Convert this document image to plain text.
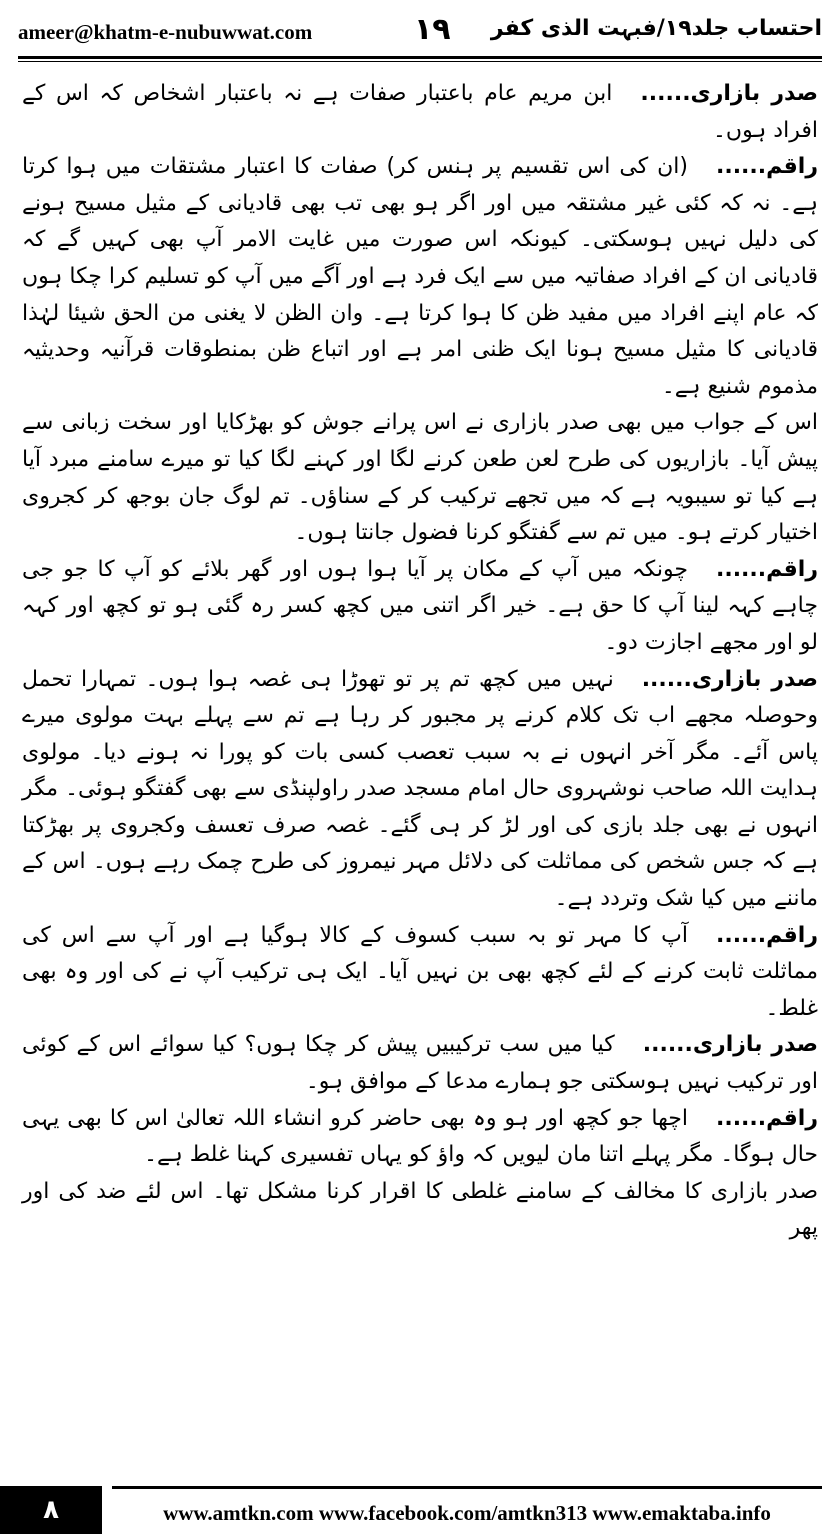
ameer@khatm-e-nubuwwat.com	١٩ احتساب جلد۱۹/فبہت الذی کفر

صدر بازاری......ابن مریم عام باعتبار صفات ہے نہ باعتبار اشخاص کہ اس کے افراد ہوں۔

راقم......(ان کی اس تقسیم پر ہنس کر) صفات کا اعتبار مشتقات میں ہوا کرتا ہے۔ نہ کہ کئی غیر مشتقہ میں اور اگر ہو بھی تب بھی قادیانی کے مثیل مسیح ہونے کی دلیل نہیں ہوسکتی۔ کیونکہ اس صورت میں غایت الامر آپ بھی کہیں گے کہ قادیانی ان کے افراد صفاتیہ میں سے ایک فرد ہے اور آگے میں آپ کو تسلیم کرا چکا ہوں کہ عام اپنے افراد میں مفید ظن کا ہوا کرتا ہے۔ وان الظن لا یغنی من الحق شیئا لہٰذا قادیانی کا مثیل مسیح ہونا ایک ظنی امر ہے اور اتباع ظن بمنطوقات قرآنیہ وحدیثیہ مذموم شنیع ہے۔

اس کے جواب میں بھی صدر بازاری نے اس پرانے جوش کو بھڑکایا اور سخت زبانی سے پیش آیا۔ بازاریوں کی طرح لعن طعن کرنے لگا اور کہنے لگا کیا تو میرے سامنے مبرد آیا ہے کیا تو سیبویہ ہے کہ میں تجھے ترکیب کر کے سناؤں۔ تم لوگ جان بوجھ کر کجروی اختیار کرتے ہو۔ میں تم سے گفتگو کرنا فضول جانتا ہوں۔

راقم......چونکہ میں آپ کے مکان پر آیا ہوا ہوں اور گھر بلائے کو آپ کا جو جی چاہے کہہ لینا آپ کا حق ہے۔ خیر اگر اتنی میں کچھ کسر رہ گئی ہو تو کچھ اور کہہ لو اور مجھے اجازت دو۔

صدر بازاری......نہیں میں کچھ تم پر تو تھوڑا ہی غصہ ہوا ہوں۔ تمہارا تحمل وحوصلہ مجھے اب تک کلام کرنے پر مجبور کر رہا ہے تم سے پہلے بہت مولوی میرے پاس آئے۔ مگر آخر انہوں نے بہ سبب تعصب کسی بات کو پورا نہ ہونے دیا۔ مولوی ہدایت اللہ صاحب نوشہروی حال امام مسجد صدر راولپنڈی سے بھی گفتگو ہوئی۔ مگر انہوں نے بھی جلد بازی کی اور لڑ کر ہی گئے۔ غصہ صرف تعسف وکجروی پر بھڑکتا ہے کہ جس شخص کی مماثلت کی دلائل مہر نیمروز کی طرح چمک رہے ہوں۔ اس کے ماننے میں کیا شک وتردد ہے۔

راقم......آپ کا مہر تو بہ سبب کسوف کے کالا ہوگیا ہے اور آپ سے اس کی مماثلت ثابت کرنے کے لئے کچھ بھی بن نہیں آیا۔ ایک ہی ترکیب آپ نے کی اور وہ بھی غلط۔

صدر بازاری......کیا میں سب ترکیبیں پیش کر چکا ہوں؟ کیا سوائے اس کے کوئی اور ترکیب نہیں ہوسکتی جو ہمارے مدعا کے موافق ہو۔

راقم......اچھا جو کچھ اور ہو وہ بھی حاضر کرو انشاء اللہ تعالیٰ اس کا بھی یہی حال ہوگا۔ مگر پہلے اتنا مان لیویں کہ واؤ کو یہاں تفسیری کہنا غلط ہے۔

صدر بازاری کا مخالف کے سامنے غلطی کا اقرار کرنا مشکل تھا۔ اس لئے ضد کی اور پھر

٨	www.amtkn.com www.facebook.com/amtkn313 www.emaktaba.info
